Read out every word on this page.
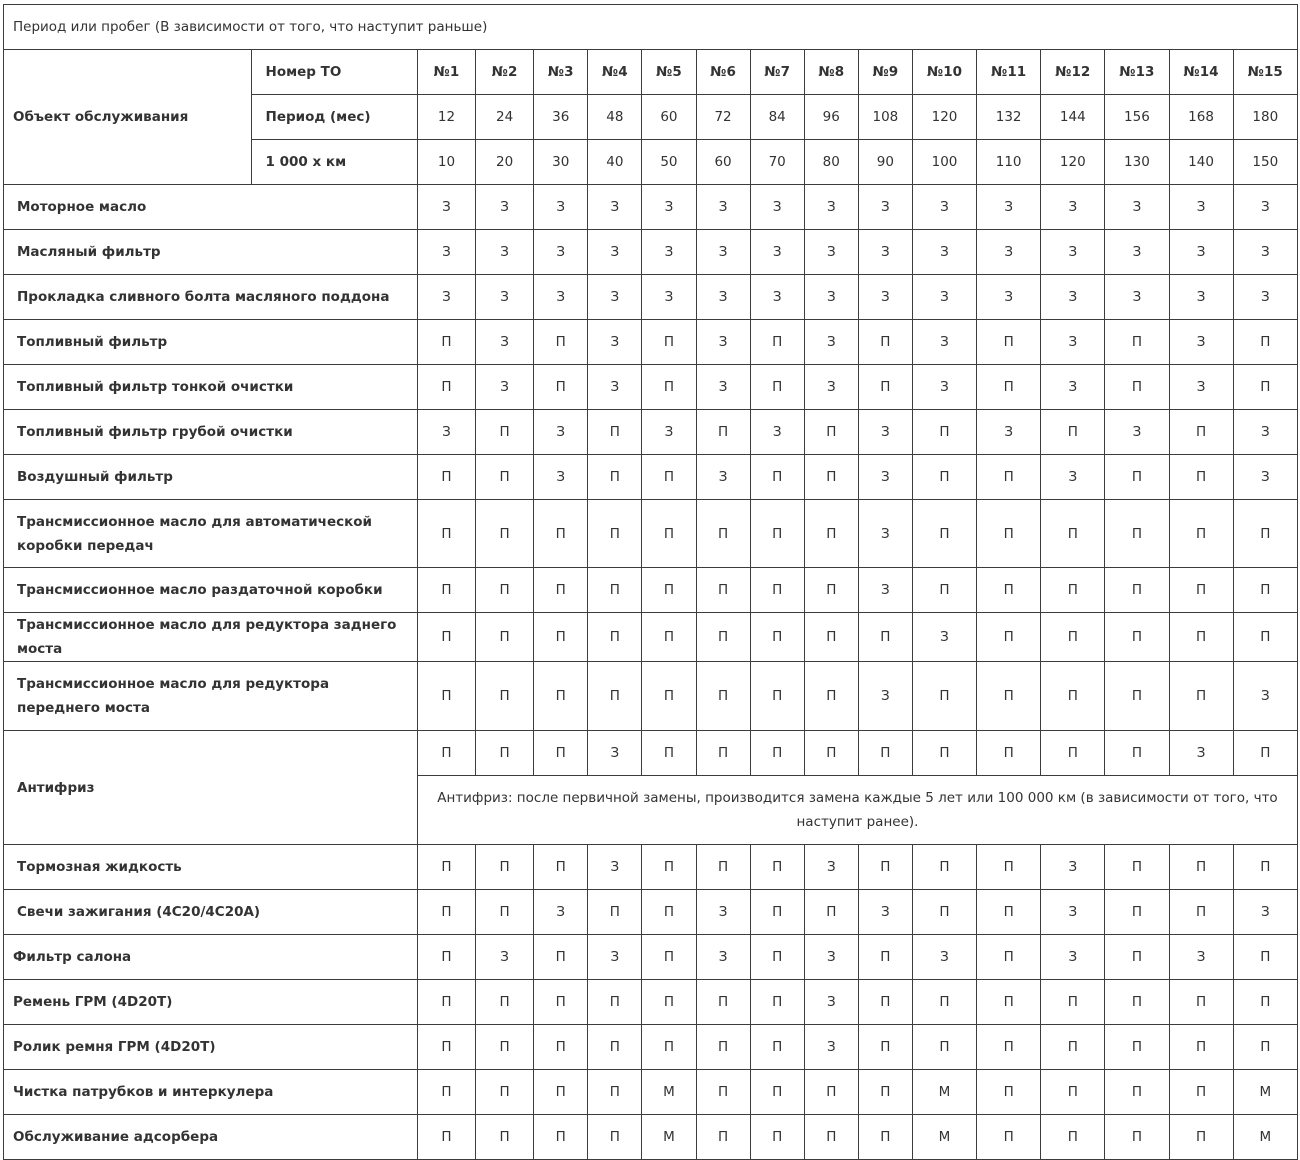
Период или пробег (В зависимости от того, что наступит раньше)																
Объект обслуживания	Номер ТО	№1	№2	№3	№4	№5	№6	№7	№8	№9	№10	№11	№12	№13	№14	№15
	Период (мес)	12	24	36	48	60	72	84	96	108	120	132	144	156	168	180
	1 000 х км	10	20	30	40	50	60	70	80	90	100	110	120	130	140	150
Моторное масло		З	З	З	З	З	З	З	З	З	З	З	З	З	З	З
Масляный фильтр		З	З	З	З	З	З	З	З	З	З	З	З	З	З	З
Прокладка сливного болта масляного поддона		З	З	З	З	З	З	З	З	З	З	З	З	З	З	З
Топливный фильтр		П	З	П	З	П	З	П	З	П	З	П	З	П	З	П
Топливный фильтр тонкой очистки		П	З	П	З	П	З	П	З	П	З	П	З	П	З	П
Топливный фильтр грубой очистки		З	П	З	П	З	П	З	П	З	П	З	П	З	П	З
Воздушный фильтр		П	П	З	П	П	З	П	П	З	П	П	З	П	П	З
Трансмиссионное масло для автоматической коробки передач		П	П	П	П	П	П	П	П	З	П	П	П	П	П	П
Трансмиссионное масло раздаточной коробки		П	П	П	П	П	П	П	П	З	П	П	П	П	П	П
Трансмиссионное масло для редуктора заднего моста		П	П	П	П	П	П	П	П	П	З	П	П	П	П	П
Трансмиссионное масло для редуктора переднего моста		П	П	П	П	П	П	П	П	З	П	П	П	П	П	З
Антифриз		П	П	П	З	П	П	П	П	П	П	П	П	П	З	П
		Антифриз: после первичной замены, производится замена каждые 5 лет или 100 000 км (в зависимости от того, что наступит ранее).														
Тормозная жидкость		П	П	П	З	П	П	П	З	П	П	П	З	П	П	П
Свечи зажигания (4С20/4С20А)		П	П	З	П	П	З	П	П	З	П	П	З	П	П	З
Фильтр салона		П	З	П	З	П	З	П	З	П	З	П	З	П	З	П
Ремень ГРМ (4D20T)		П	П	П	П	П	П	П	З	П	П	П	П	П	П	П
Ролик ремня ГРМ (4D20T)		П	П	П	П	П	П	П	З	П	П	П	П	П	П	П
Чистка патрубков и интеркулера		П	П	П	П	М	П	П	П	П	М	П	П	П	П	М
Обслуживание адсорбера		П	П	П	П	М	П	П	П	П	М	П	П	П	П	М
